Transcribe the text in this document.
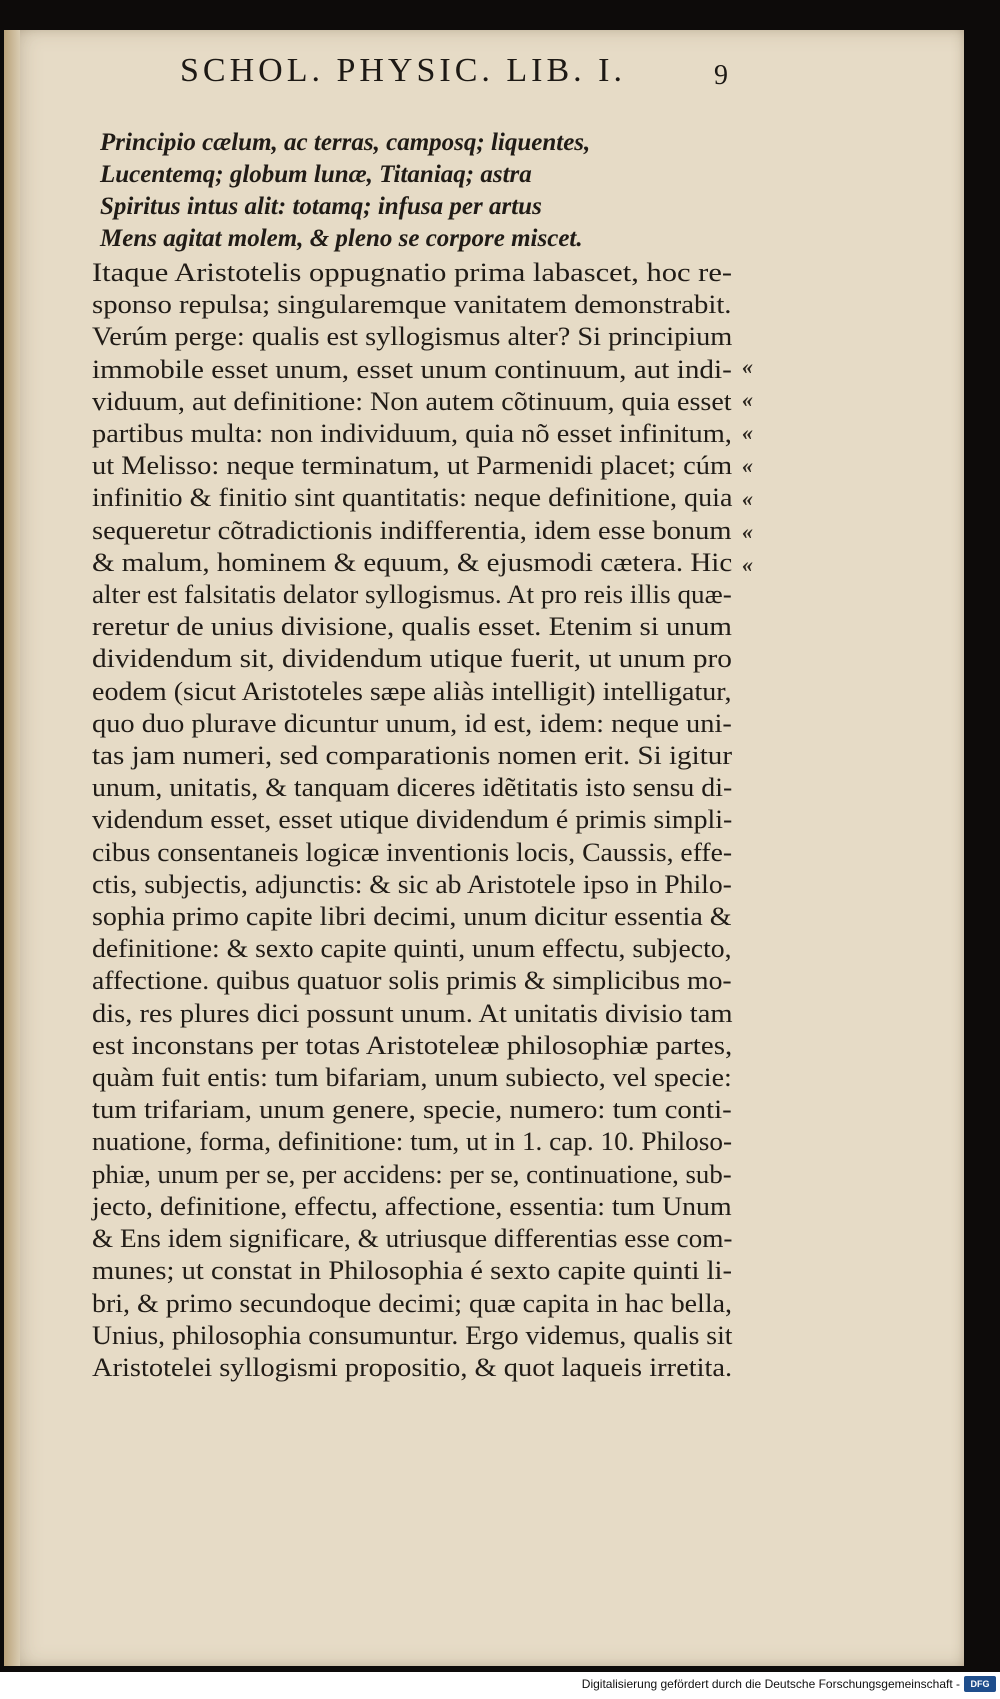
SCHOL. PHYSIC. LIB. I.	9
Principio cælum, ac terras, camposq; liquentes,
Lucentemq; globum lunæ, Titaniaq; astra
Spiritus intus alit: totamq; infusa per artus
Mens agitat molem, & pleno se corpore miscet.
Itaque Aristotelis oppugnatio prima labascet, hoc re-
sponso repulsa; singularemque vanitatem demonstrabit.
Verúm perge: qualis est syllogismus alter? Si principium
immobile esset unum, esset unum continuum, aut indi-
viduum, aut definitione: Non autem cõtinuum, quia esset
partibus multa: non individuum, quia nõ esset infinitum,
ut Melisso: neque terminatum, ut Parmenidi placet; cúm
infinitio & finitio sint quantitatis: neque definitione, quia
sequeretur cõtradictionis indifferentia, idem esse bonum
& malum, hominem & equum, & ejusmodi cætera. Hic
alter est falsitatis delator syllogismus. At pro reis illis quæ-
reretur de unius divisione, qualis esset. Etenim si unum
dividendum sit, dividendum utique fuerit, ut unum pro
eodem (sicut Aristoteles sæpe aliàs intelligit) intelligatur,
quo duo plurave dicuntur unum, id est, idem: neque uni-
tas jam numeri, sed comparationis nomen erit. Si igitur
unum, unitatis, & tanquam diceres idẽtitatis isto sensu di-
videndum esset, esset utique dividendum é primis simpli-
cibus consentaneis logicæ inventionis locis, Caussis, effe-
ctis, subjectis, adjunctis: & sic ab Aristotele ipso in Philo-
sophia primo capite libri decimi, unum dicitur essentia &
definitione: & sexto capite quinti, unum effectu, subjecto,
affectione. quibus quatuor solis primis & simplicibus mo-
dis, res plures dici possunt unum. At unitatis divisio tam
est inconstans per totas Aristoteleæ philosophiæ partes,
quàm fuit entis: tum bifariam, unum subiecto, vel specie:
tum trifariam, unum genere, specie, numero: tum conti-
nuatione, forma, definitione: tum, ut in 1. cap. 10. Philoso-
phiæ, unum per se, per accidens: per se, continuatione, sub-
jecto, definitione, effectu, affectione, essentia: tum Unum
& Ens idem significare, & utriusque differentias esse com-
munes; ut constat in Philosophia é sexto capite quinti li-
bri, & primo secundoque decimi; quæ capita in hac bella,
Unius, philosophia consumuntur. Ergo videmus, qualis sit
Aristotelei syllogismi propositio, & quot laqueis irretita.
«
«
«
«
«
«
«
Digitalisierung gefördert durch die Deutsche Forschungsgemeinschaft -	DFG
